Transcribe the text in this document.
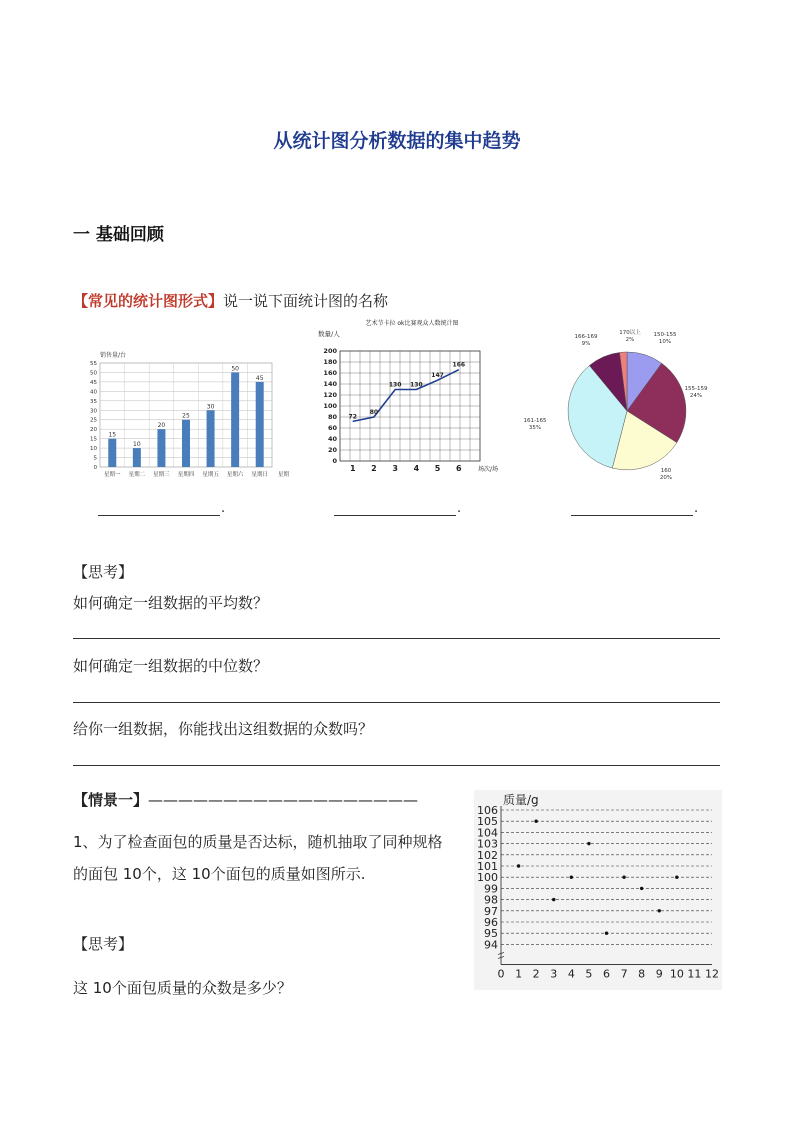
从统计图分析数据的集中趋势
一 基础回顾
【常见的统计图形式】说一说下面统计图的名称
0
5
10
15
20
25
30
35
40
45
50
55
15
星期一
10
星期二
20
星期三
25
星期四
30
星期五
50
星期六
45
星期日
销售量/台
星期
艺术节卡拉 ok比赛观众人数统计图
数量/人
0
20
40
60
80
100
120
140
160
180
200
72
1
80
2
130
3
130
4
147
5
166
6	场次/场
150-155
10%
155-159
24%
160
20%
161-165
35%
166-169
9%
170以上
2%
.	.	.
【思考】
如何确定一组数据的平均数？
如何确定一组数据的中位数？
给你一组数据，你能找出这组数据的众数吗？
【情景一】——————————————————
1、为了检查面包的质量是否达标，随机抽取了同种规格
的面包 10个，这 10个面包的质量如图所示.
【思考】
这 10个面包质量的众数是多少？
质量/g
94
95
96
97
98
99
100
101
102
103
104
105
106
0 1 2 3 4 5 6 7 8 9 10 11 12
